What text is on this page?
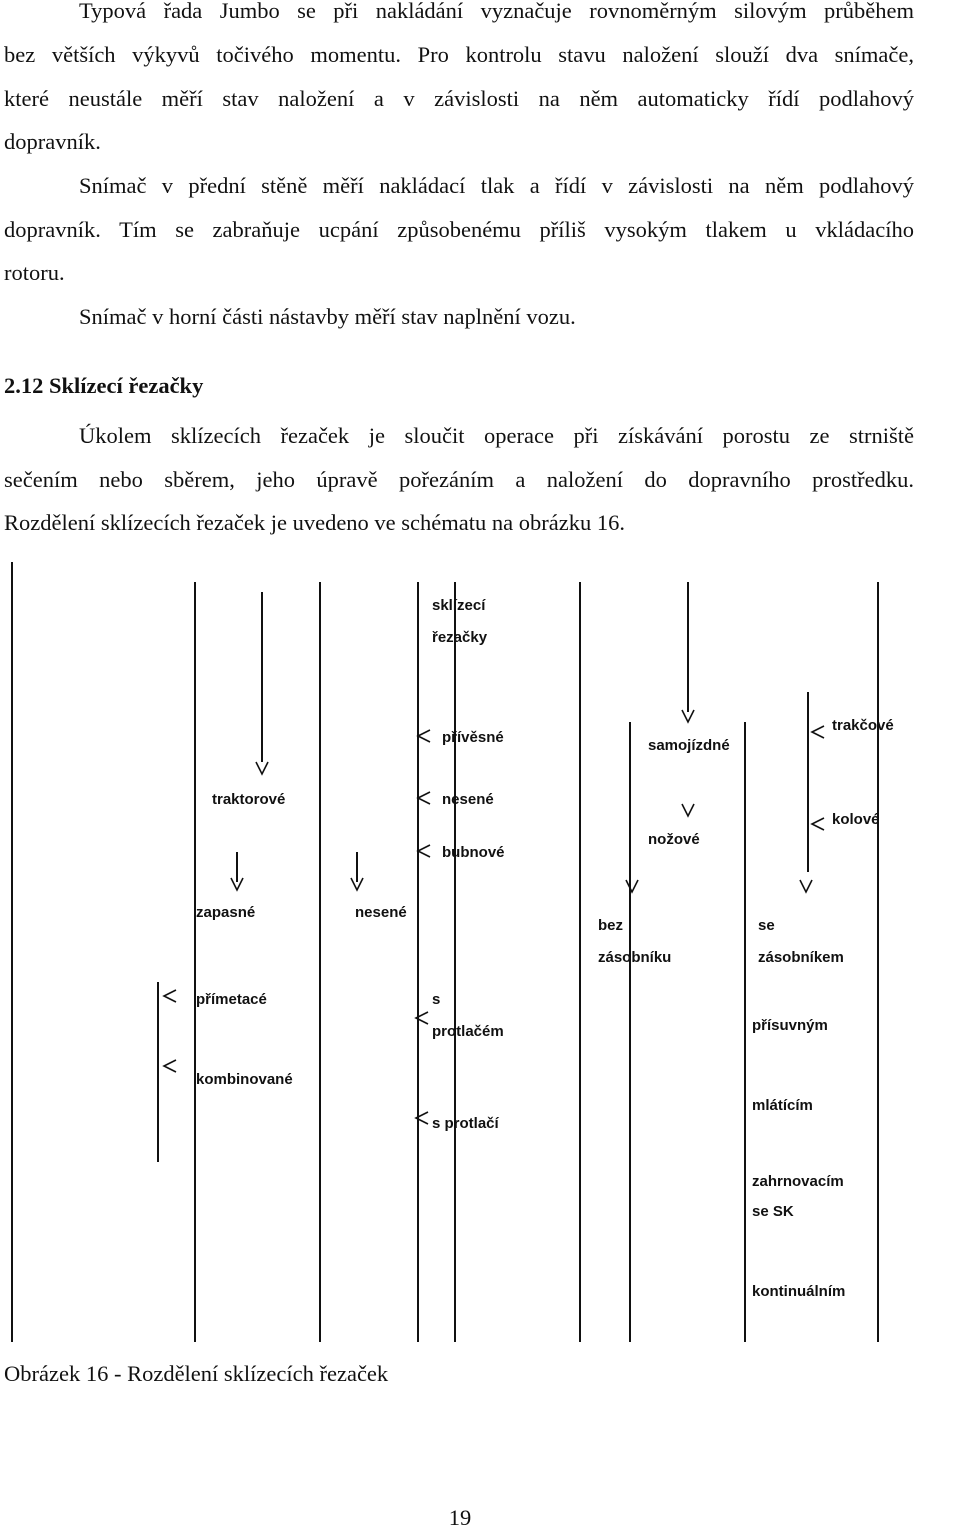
Typová řada Jumbo se při nakládání vyznačuje rovnoměrným silovým průběhem
bez větších výkyvů točivého momentu. Pro kontrolu stavu naložení slouží dva snímače,
které neustále měří stav naložení a v závislosti na něm automaticky řídí podlahový
dopravník.
Snímač v přední stěně měří nakládací tlak a řídí v závislosti na něm podlahový
dopravník. Tím se zabraňuje ucpání způsobenému příliš vysokým tlakem u vkládacího
rotoru.
Snímač v horní části nástavby měří stav naplnění vozu.
2.12 Sklízecí řezačky
Úkolem sklízecích řezaček je sloučit operace při získávání porostu ze strniště
sečením nebo sběrem, jeho úpravě pořezáním a naložení do dopravního prostředku.
Rozdělení sklízecích řezaček je uvedeno ve schématu na obrázku 16.
sklízecí
řezačky
přívěsné
nesené
bubnové
samojízdné
nožové
trakčové
kolové
traktorové
zapasné	nesené
bez
zásobníku
se
zásobníkem
přímetacé	s
protlačém	přísuvným
kombinované
s protlačí
mlátícím
zahrnovacím
se SK
kontinuálním
Obrázek 16 - Rozdělení sklízecích řezaček
19
